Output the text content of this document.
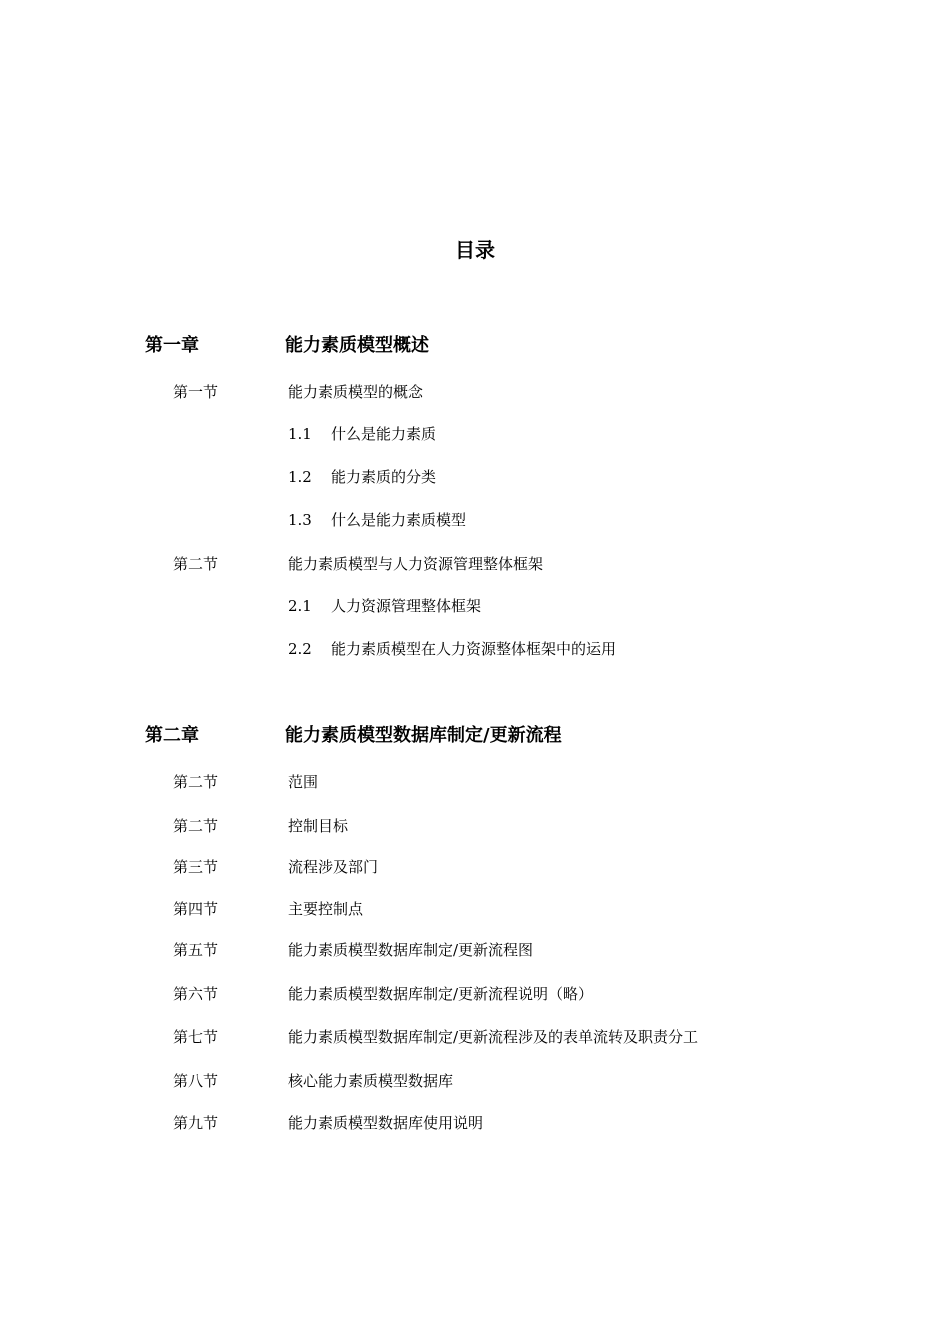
目录
第一章	能力素质模型概述
第一节	能力素质模型的概念
1.1 什么是能力素质
1.2 能力素质的分类
1.3 什么是能力素质模型
第二节	能力素质模型与人力资源管理整体框架
2.1 人力资源管理整体框架
2.2 能力素质模型在人力资源整体框架中的运用
第二章	能力素质模型数据库制定/更新流程
第二节	范围
第二节	控制目标
第三节	流程涉及部门
第四节	主要控制点
第五节	能力素质模型数据库制定/更新流程图
第六节	能力素质模型数据库制定/更新流程说明（略）
第七节	能力素质模型数据库制定/更新流程涉及的表单流转及职责分工
第八节	核心能力素质模型数据库
第九节	能力素质模型数据库使用说明
